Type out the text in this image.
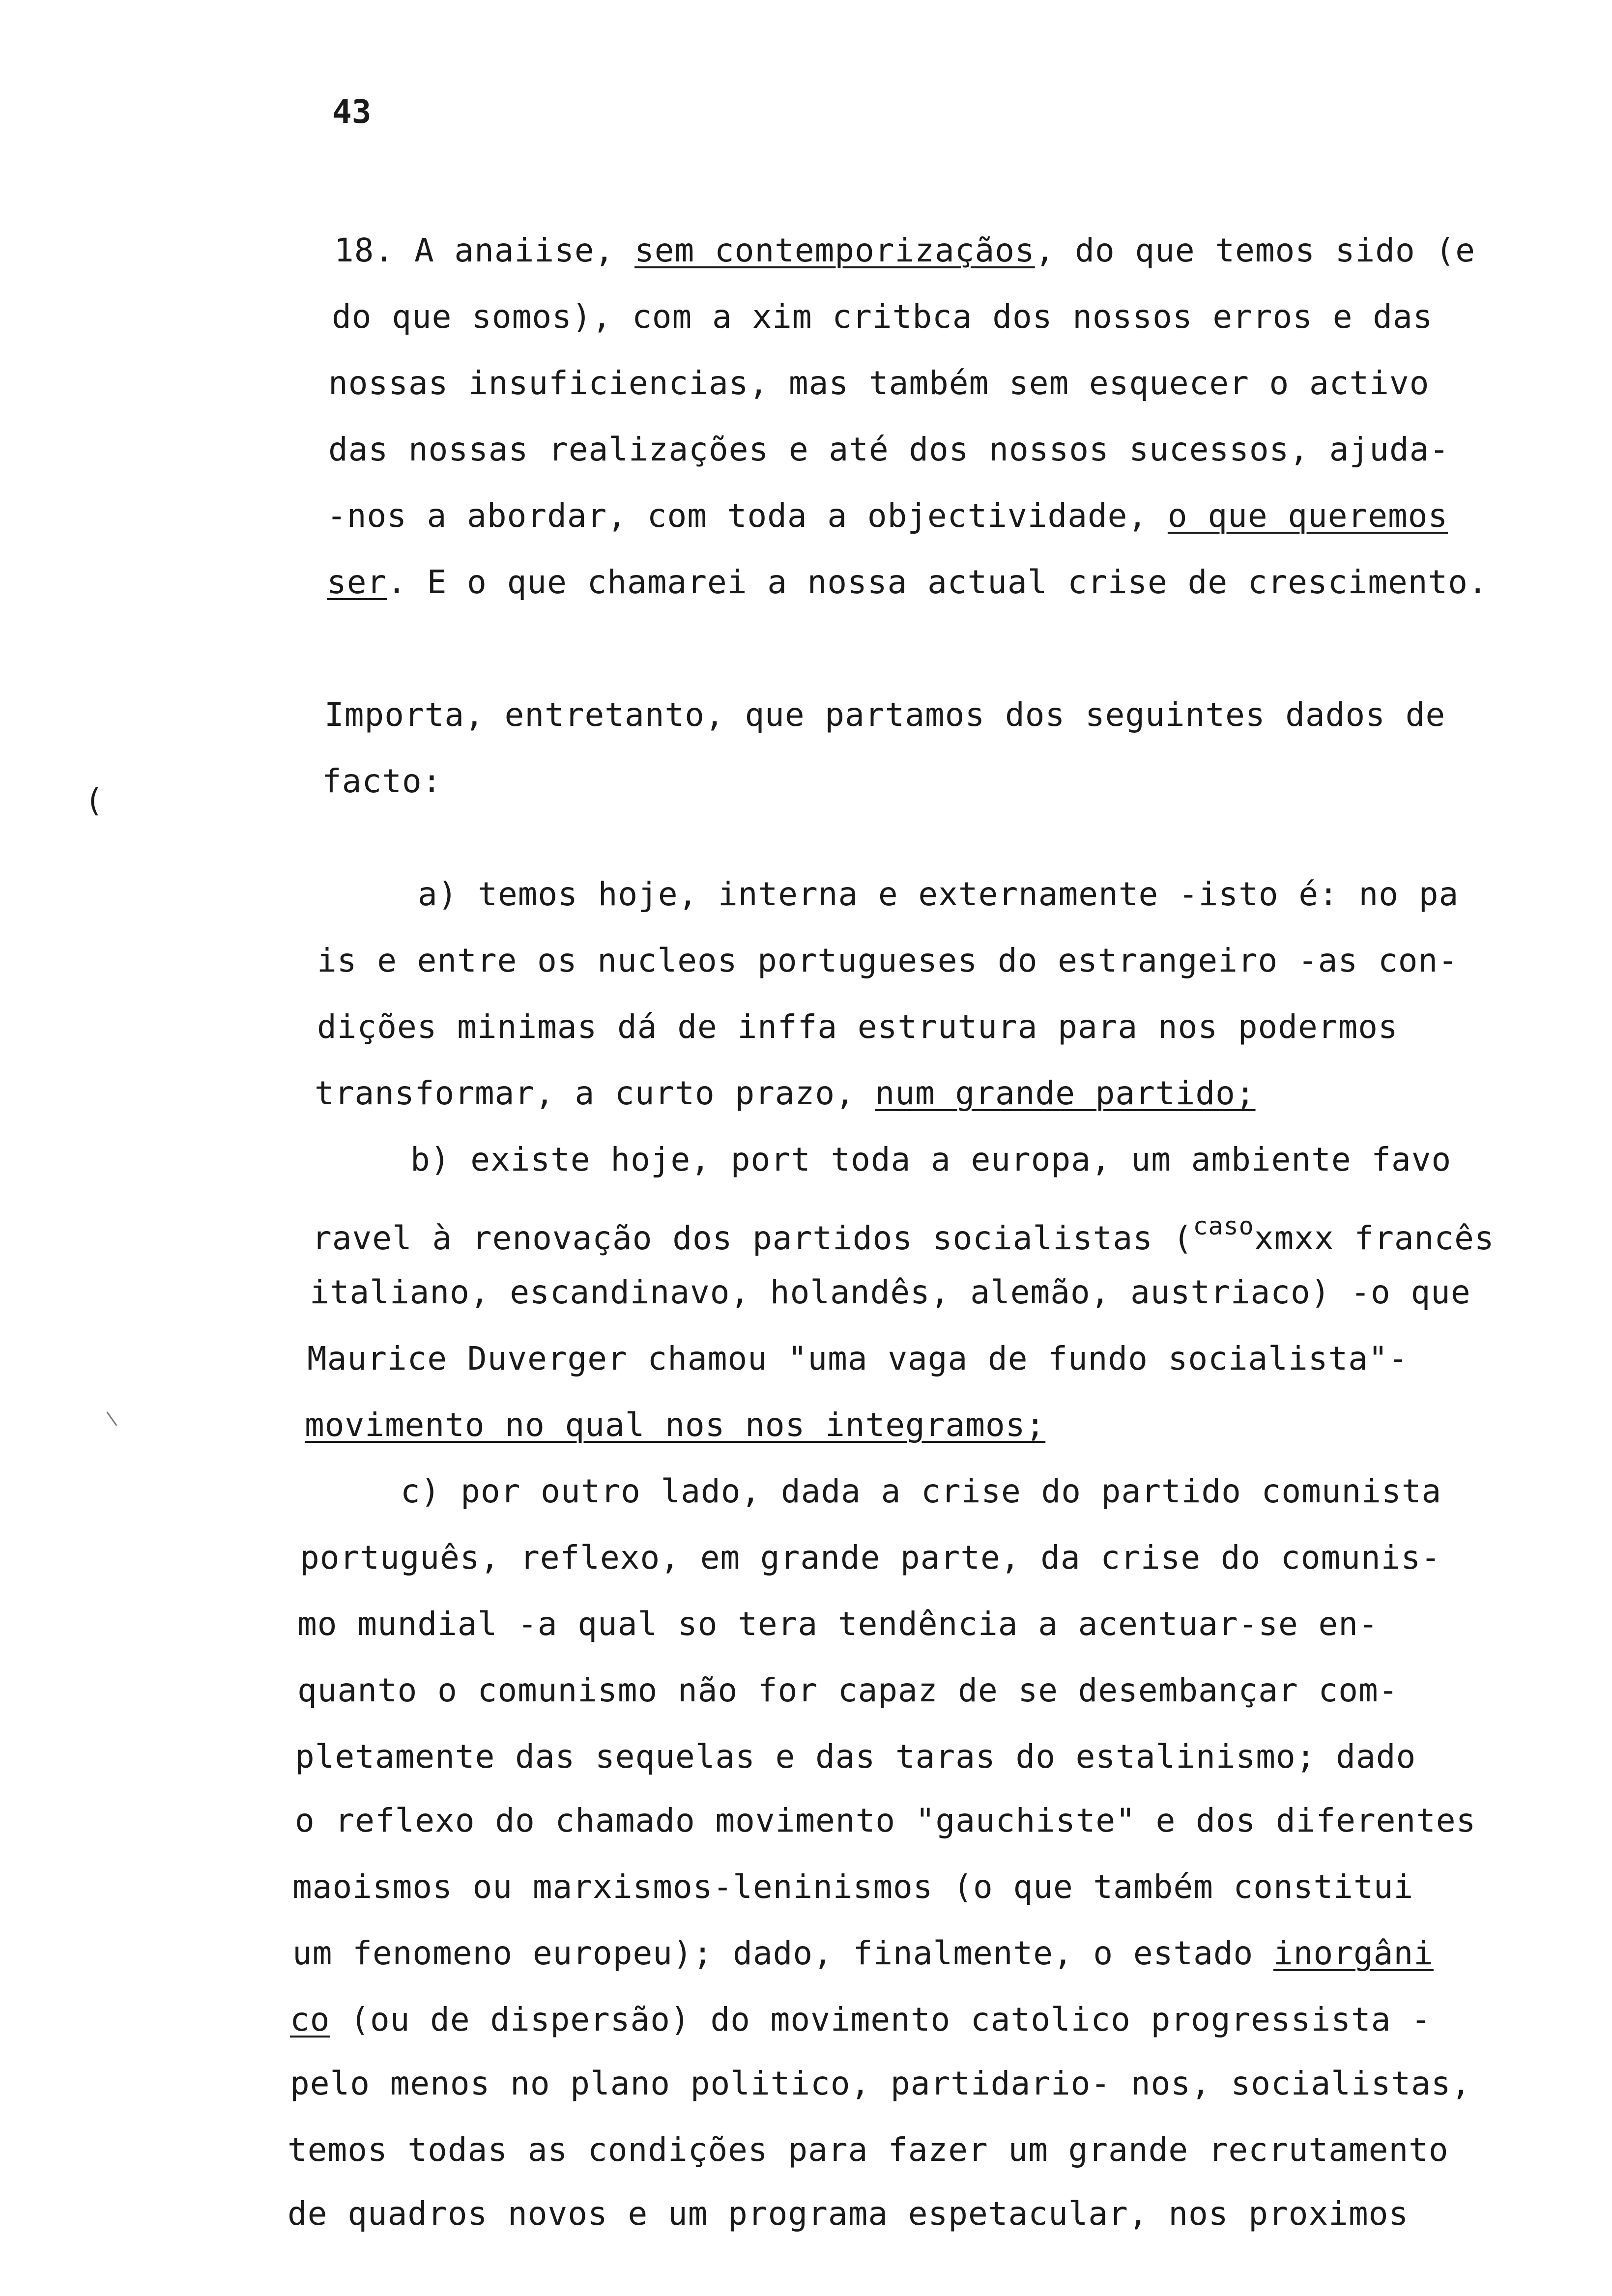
43
(
18. A anaiise, sem contemporizaçãos, do que temos sido (e
do que somos), com a xim critbca dos nossos erros e das
nossas insuficiencias, mas também sem esquecer o activo
das nossas realizações e até dos nossos sucessos, ajuda-
-nos a abordar, com toda a objectividade, o que queremos
ser. E o que chamarei a nossa actual crise de crescimento.
Importa, entretanto, que partamos dos seguintes dados de
facto:
a) temos hoje, interna e externamente -isto é: no pa
is e entre os nucleos portugueses do estrangeiro -as con-
dições minimas dá de inffa estrutura para nos podermos
transformar, a curto prazo, num grande partido;
b) existe hoje, port toda a europa, um ambiente favo
ravel à renovação dos partidos socialistas ($^{caso}$xmxx francês
italiano, escandinavo, holandês, alemão, austriaco) -o que
Maurice Duverger chamou "uma vaga de fundo socialista"-
movimento no qual nos nos integramos;
c) por outro lado, dada a crise do partido comunista
português, reflexo, em grande parte, da crise do comunis-
mo mundial -a qual so tera tendência a acentuar-se en-
quanto o comunismo não for capaz de se desembançar com-
pletamente das sequelas e das taras do estalinismo; dado
o reflexo do chamado movimento "gauchiste" e dos diferentes
maoismos ou marxismos-leninismos (o que também constitui
um fenomeno europeu); dado, finalmente, o estado inorgâni
co (ou de dispersão) do movimento catolico progressista -
pelo menos no plano politico, partidario- nos, socialistas,
temos todas as condições para fazer um grande recrutamento
de quadros novos e um programa espetacular, nos proximos
